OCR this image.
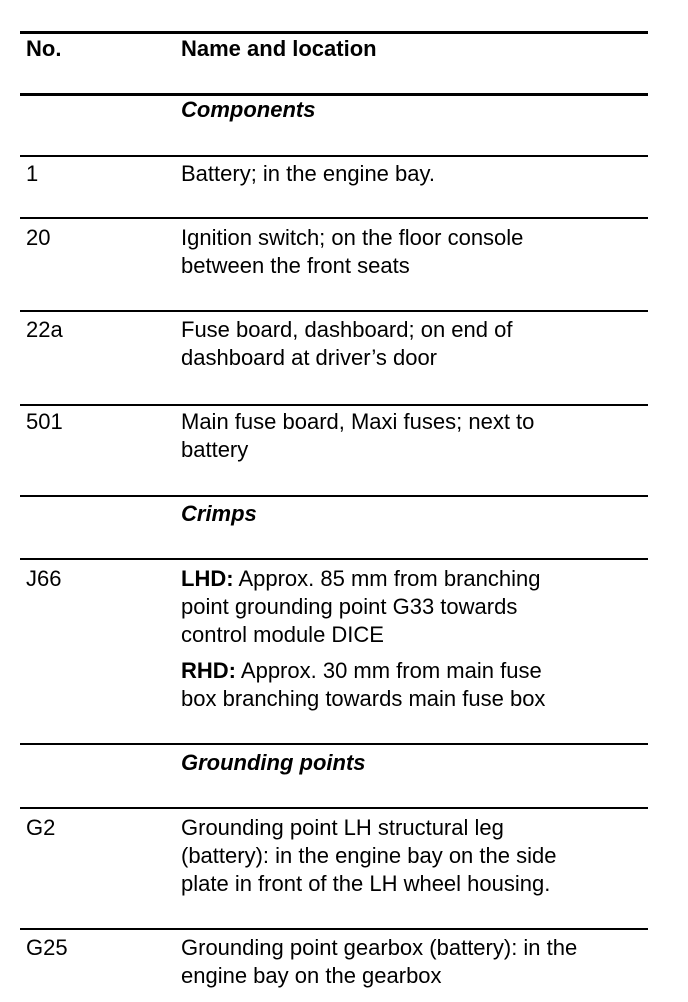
No.	Name and location
Components
1	Battery; in the engine bay.
20	Ignition switch; on the floor console
between the front seats
22a	Fuse board, dashboard; on end of
dashboard at driver’s door
501	Main fuse board, Maxi fuses; next to
battery
Crimps
J66	LHD: Approx. 85 mm from branching
point grounding point G33 towards
control module DICE
RHD: Approx. 30 mm from main fuse
box branching towards main fuse box
Grounding points
G2	Grounding point LH structural leg
(battery): in the engine bay on the side
plate in front of the LH wheel housing.
G25	Grounding point gearbox (battery): in the
engine bay on the gearbox
